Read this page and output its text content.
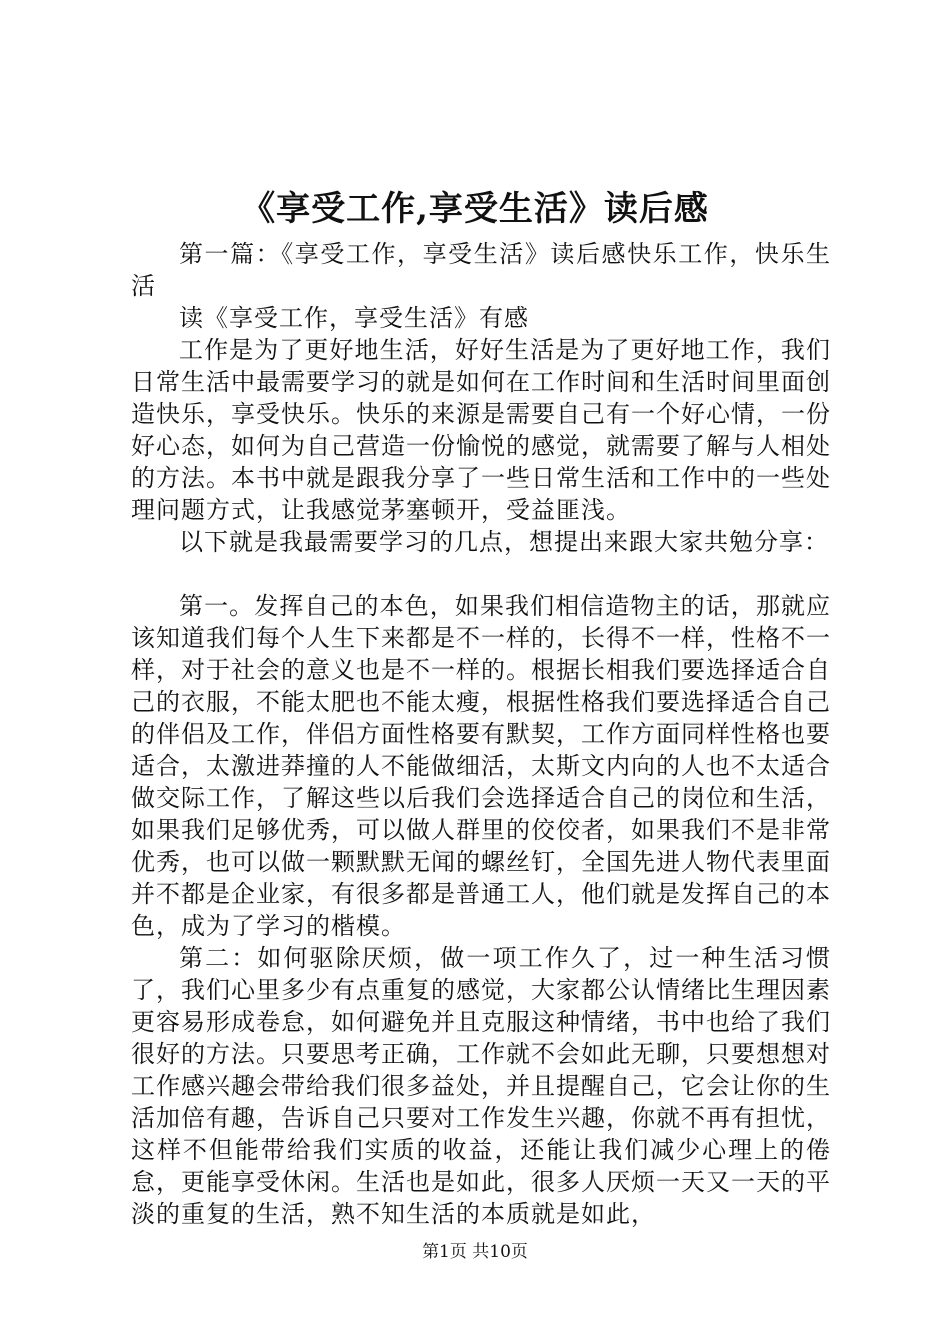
《享受工作,享受生活》读后感

第一篇：《享受工作，享受生活》读后感快乐工作，快乐生活

读《享受工作，享受生活》有感

工作是为了更好地生活，好好生活是为了更好地工作，我们日常生活中最需要学习的就是如何在工作时间和生活时间里面创造快乐，享受快乐。快乐的来源是需要自己有一个好心情，一份好心态，如何为自己营造一份愉悦的感觉，就需要了解与人相处的方法。本书中就是跟我分享了一些日常生活和工作中的一些处理问题方式，让我感觉茅塞顿开，受益匪浅。

以下就是我最需要学习的几点，想提出来跟大家共勉分享：

第一。发挥自己的本色，如果我们相信造物主的话，那就应该知道我们每个人生下来都是不一样的，长得不一样，性格不一样，对于社会的意义也是不一样的。根据长相我们要选择适合自己的衣服，不能太肥也不能太瘦，根据性格我们要选择适合自己的伴侣及工作，伴侣方面性格要有默契，工作方面同样性格也要适合，太激进莽撞的人不能做细活，太斯文内向的人也不太适合做交际工作，了解这些以后我们会选择适合自己的岗位和生活，如果我们足够优秀，可以做人群里的佼佼者，如果我们不是非常优秀，也可以做一颗默默无闻的螺丝钉，全国先进人物代表里面并不都是企业家，有很多都是普通工人，他们就是发挥自己的本色，成为了学习的楷模。

第二：如何驱除厌烦，做一项工作久了，过一种生活习惯了，我们心里多少有点重复的感觉，大家都公认情绪比生理因素更容易形成卷怠，如何避免并且克服这种情绪，书中也给了我们很好的方法。只要思考正确，工作就不会如此无聊，只要想想对工作感兴趣会带给我们很多益处，并且提醒自己，它会让你的生活加倍有趣，告诉自己只要对工作发生兴趣，你就不再有担忧，这样不但能带给我们实质的收益，还能让我们减少心理上的倦怠，更能享受休闲。生活也是如此，很多人厌烦一天又一天的平淡的重复的生活，熟不知生活的本质就是如此，

第1页 共10页
